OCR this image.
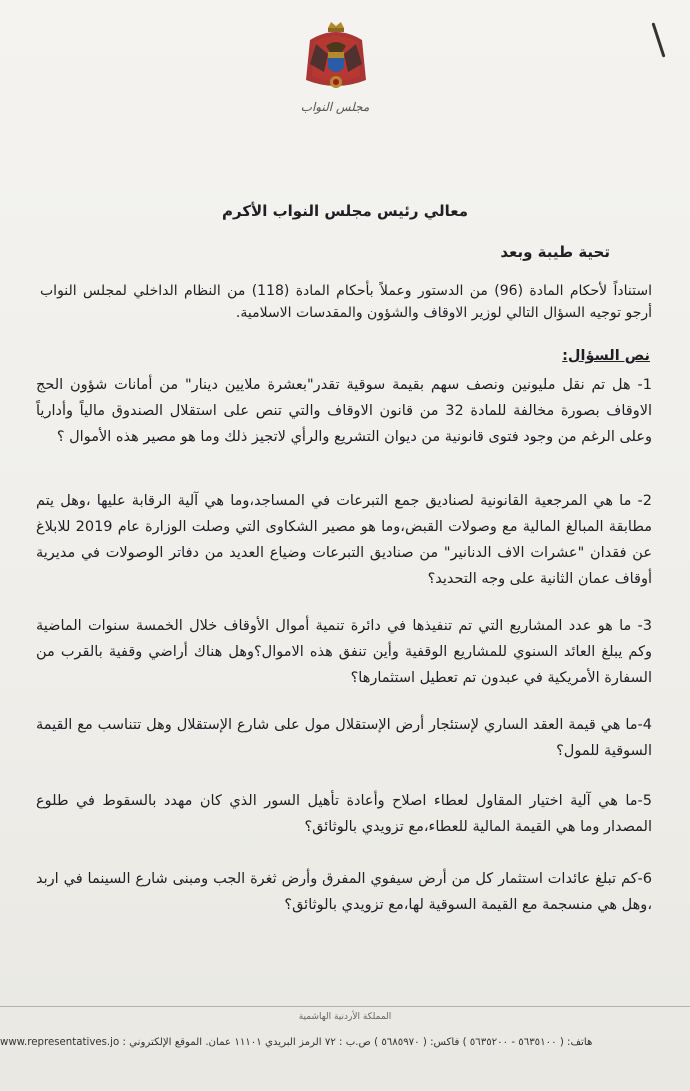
مجلس النواب
معالي رئيس مجلس النواب الأكرم
تحية طيبة وبعد
استناداً لأحكام المادة (96) من الدستور وعملاً بأحكام المادة (118) من النظام الداخلي لمجلس النواب أرجو توجيه السؤال التالي لوزير الاوقاف والشؤون والمقدسات الاسلامية.
نص السؤال:
1- هل تم نقل مليونين ونصف سهم بقيمة سوقية تقدر"بعشرة ملايين دينار" من أمانات شؤون الحج الاوقاف بصورة مخالفة للمادة 32 من قانون الاوقاف والتي تنص على استقلال الصندوق مالياً وأدارياً وعلى الرغم من وجود فتوى قانونية من ديوان التشريع والرأي لاتجيز ذلك وما هو مصير هذه الأموال ؟
2- ما هي المرجعية القانونية لصناديق جمع التبرعات في المساجد،وما هي آلية الرقابة عليها ،وهل يتم مطابقة المبالغ المالية مع وصولات القبض،وما هو مصير الشكاوى التي وصلت الوزارة عام 2019 للابلاغ عن فقدان "عشرات الاف الدنانير" من صناديق التبرعات وضياع العديد من دفاتر الوصولات في مديرية أوقاف عمان الثانية على وجه التحديد؟
3- ما هو عدد المشاريع التي تم تنفيذها في دائرة تنمية أموال الأوقاف خلال الخمسة سنوات الماضية وكم يبلغ العائد السنوي للمشاريع الوقفية وأين تنفق هذه الاموال؟وهل هناك أراضي وقفية بالقرب من السفارة الأمريكية في عبدون تم تعطيل استثمارها؟
4-ما هي قيمة العقد الساري لإستئجار أرض الإستقلال مول على شارع الإستقلال وهل تتناسب مع القيمة السوقية للمول؟
5-ما هي آلية اختيار المقاول لعطاء اصلاح وأعادة تأهيل السور الذي كان مهدد بالسقوط في طلوع المصدار وما هي القيمة المالية للعطاء،مع تزويدي بالوثائق؟
6-كم تبلغ عائدات استثمار كل من أرض سيفوي المفرق وأرض ثغرة الجب ومبنى شارع السينما في اربد ،وهل هي منسجمة مع القيمة السوقية لها،مع تزويدي بالوثائق؟
المملكة الأردنية الهاشمية
www.representatives.jo هاتف: ( ٥٦٣٥١٠٠ - ٥٦٣٥٢٠٠ ) فاكس: ( ٥٦٨٥٩٧٠ ) ص.ب : ٧٢ الرمز البريدي ١١١٠١ عمان. الموقع الإلكتروني :
